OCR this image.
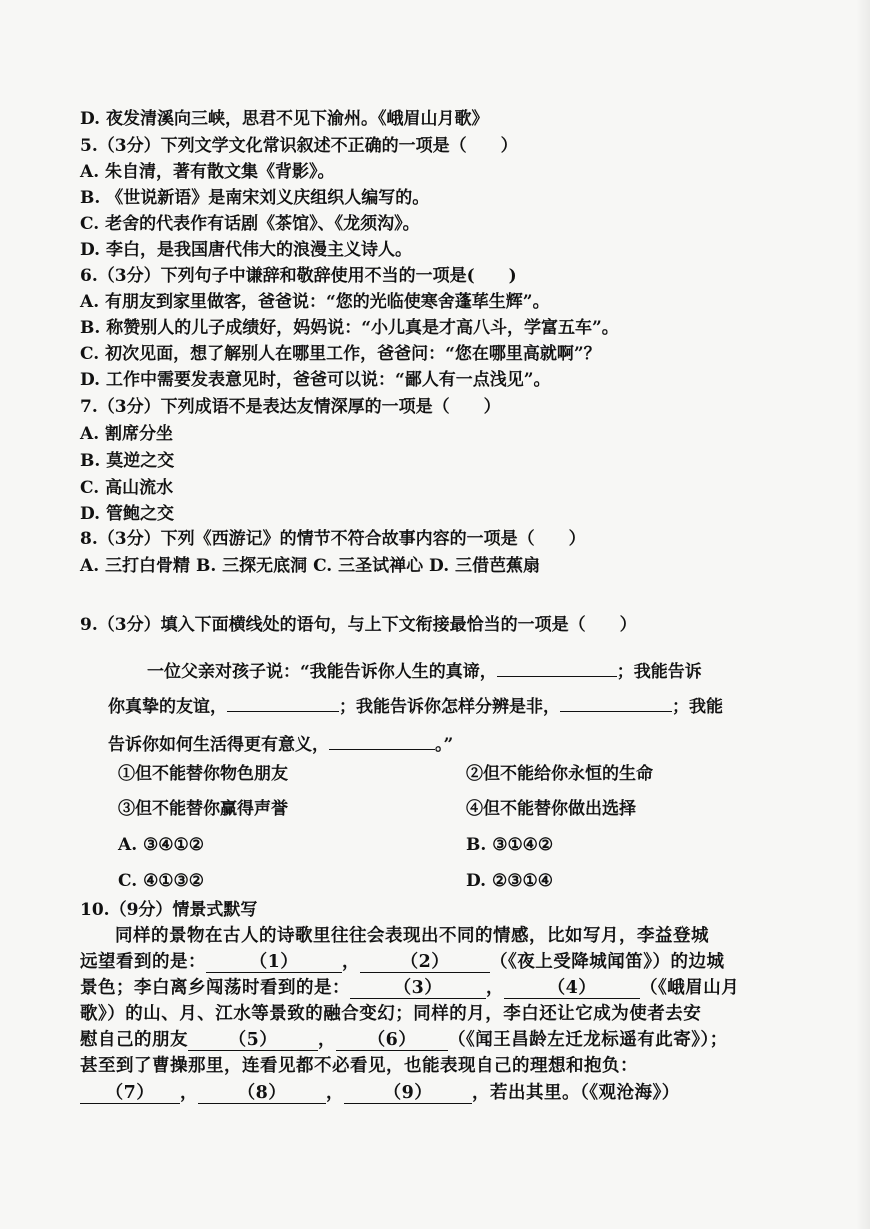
D. 夜发清溪向三峡，思君不见下渝州。《峨眉山月歌》
5.（3分）下列文学文化常识叙述不正确的一项是（　　）
A. 朱自清，著有散文集《背影》。
B. 《世说新语》是南宋刘义庆组织人编写的。
C. 老舍的代表作有话剧《茶馆》、《龙须沟》。
D. 李白，是我国唐代伟大的浪漫主义诗人。
6.（3分）下列句子中谦辞和敬辞使用不当的一项是(　　)
A. 有朋友到家里做客，爸爸说：“您的光临使寒舍蓬荜生辉”。
B. 称赞别人的儿子成绩好，妈妈说：“小儿真是才高八斗，学富五车”。
C. 初次见面，想了解别人在哪里工作，爸爸问：“您在哪里高就啊”？
D. 工作中需要发表意见时，爸爸可以说：“鄙人有一点浅见”。
7.（3分）下列成语不是表达友情深厚的一项是（　　）
A. 割席分坐
B. 莫逆之交
C. 高山流水
D. 管鲍之交
8.（3分）下列《西游记》的情节不符合故事内容的一项是（　　）
A. 三打白骨精 B. 三探无底洞 C. 三圣试禅心 D. 三借芭蕉扇
9.（3分）填入下面横线处的语句，与上下文衔接最恰当的一项是（　　）
一位父亲对孩子说：“我能告诉你人生的真谛，	；我能告诉
你真挚的友谊，	；我能告诉你怎样分辨是非，	；我能
告诉你如何生活得更有意义，	。”
①但不能替你物色朋友	②但不能给你永恒的生命
③但不能替你赢得声誉	④但不能替你做出选择
A. ③④①②	B. ③①④②
C. ④①③②	D. ②③①④
10.（9分）情景式默写
同样的景物在古人的诗歌里往往会表现出不同的情感，比如写月，李益登城
远望看到的是： （1） ， （2） （《夜上受降城闻笛》）的边城
景色；李白离乡闯荡时看到的是： （3） ， （4） （《峨眉山月
歌》）的山、月、江水等景致的融合变幻；同样的月，李白还让它成为使者去安
慰自己的朋友 （5） ， （6） （《闻王昌龄左迁龙标遥有此寄》）；
甚至到了曹操那里，连看见都不必看见，也能表现自己的理想和抱负：
（7） ， （8） ， （9） ，若出其里。（《观沧海》）
